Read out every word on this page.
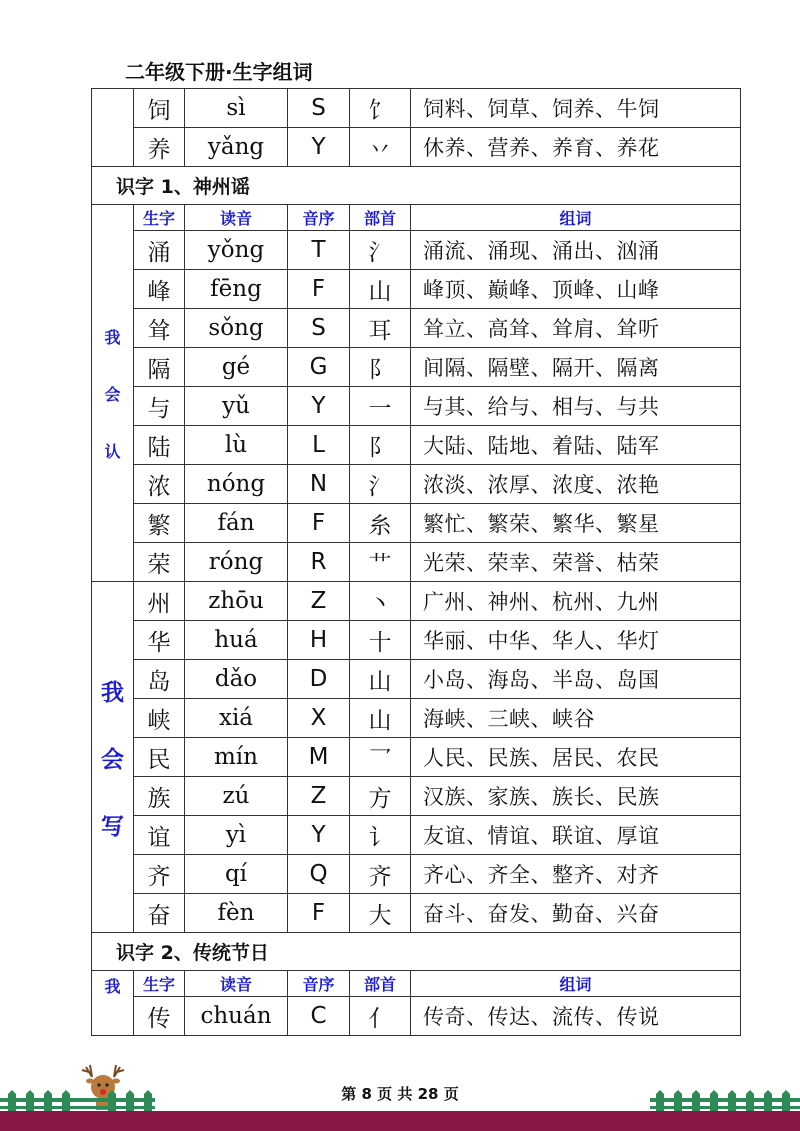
二年级下册·生字组词
	饲	sì	S	饣	饲料、饲草、饲养、牛饲
	养	yǎng	Y	丷	休养、营养、养育、养花
识字 1、神州谣					

我
会
认	生字	读音	音序	部首	组词
	涌	yǒng	T	氵	涌流、涌现、涌出、汹涌
	峰	fēng	F	山	峰顶、巅峰、顶峰、山峰
	耸	sǒng	S	耳	耸立、高耸、耸肩、耸听
	隔	gé	G	阝	间隔、隔壁、隔开、隔离
	与	yǔ	Y	一	与其、给与、相与、与共
	陆	lù	L	阝	大陆、陆地、着陆、陆军
	浓	nóng	N	氵	浓淡、浓厚、浓度、浓艳
	繁	fán	F	糸	繁忙、繁荣、繁华、繁星
	荣	róng	R	艹	光荣、荣幸、荣誉、枯荣

我
会
写	州	zhōu	Z	丶	广州、神州、杭州、九州
	华	huá	H	十	华丽、中华、华人、华灯
	岛	dǎo	D	山	小岛、海岛、半岛、岛国
	峡	xiá	X	山	海峡、三峡、峡谷
	民	mín	M	乛	人民、民族、居民、农民
	族	zú	Z	方	汉族、家族、族长、民族
	谊	yì	Y	讠	友谊、情谊、联谊、厚谊
	齐	qí	Q	齐	齐心、齐全、整齐、对齐
	奋	fèn	F	大	奋斗、奋发、勤奋、兴奋
识字 2、传统节日					
我	生字	读音	音序	部首	组词
	传	chuán	C	亻	传奇、传达、流传、传说
第 8 页 共 28 页
